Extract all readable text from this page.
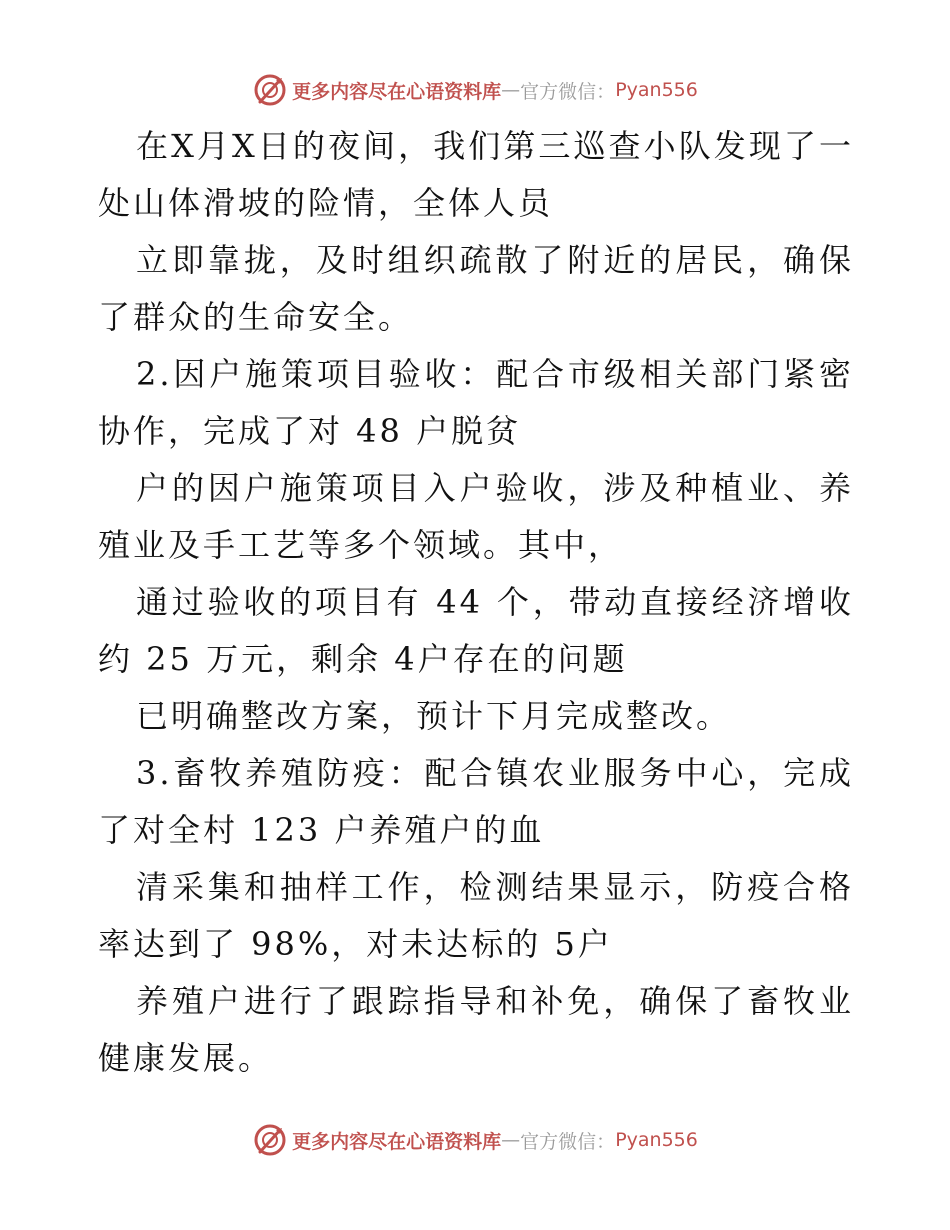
更多内容尽在心语资料库 — 官方微信： Pyan556

在X月X日的夜间，我们第三巡查小队发现了一处山体滑坡的险情，全体人员

立即靠拢，及时组织疏散了附近的居民，确保了群众的生命安全。

2.因户施策项目验收：配合市级相关部门紧密协作，完成了对 48 户脱贫

户的因户施策项目入户验收，涉及种植业、养殖业及手工艺等多个领域。其中，

通过验收的项目有 44 个，带动直接经济增收约 25 万元，剩余 4户存在的问题

已明确整改方案，预计下月完成整改。

3.畜牧养殖防疫：配合镇农业服务中心，完成了对全村 123 户养殖户的血

清采集和抽样工作，检测结果显示，防疫合格率达到了 98%，对未达标的 5户

养殖户进行了跟踪指导和补免，确保了畜牧业健康发展。

更多内容尽在心语资料库 — 官方微信： Pyan556
